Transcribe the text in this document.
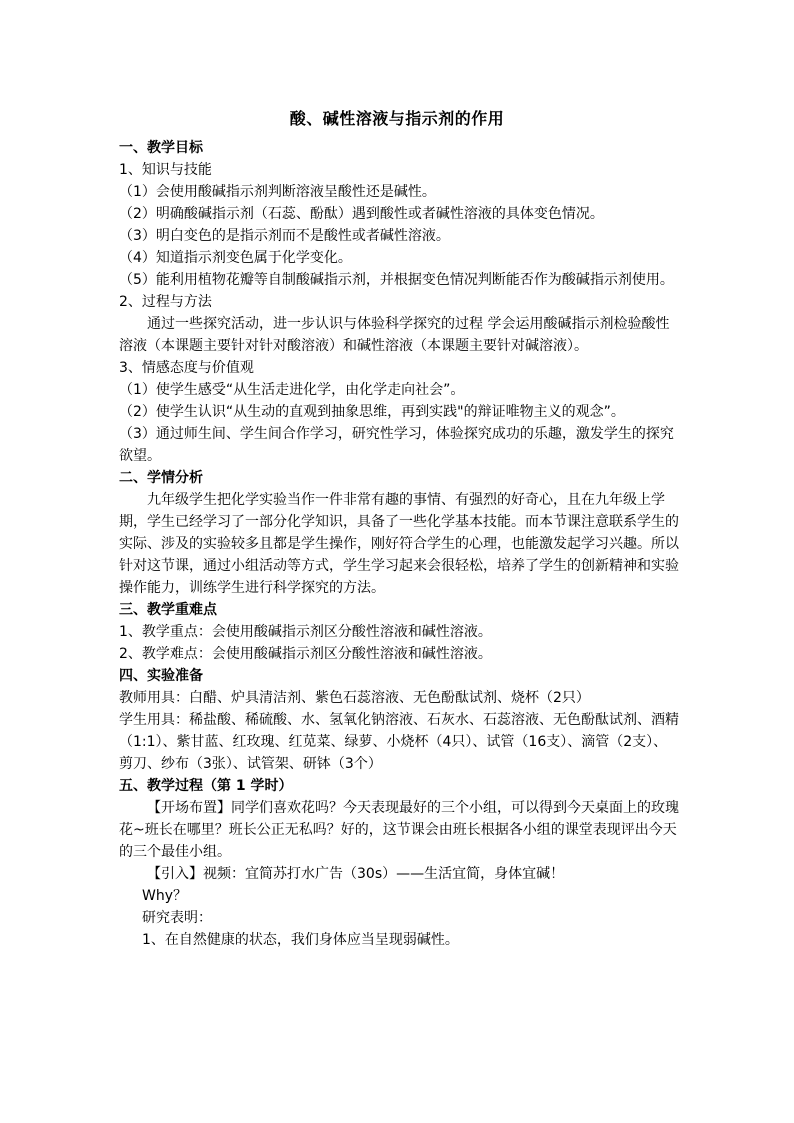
酸、碱性溶液与指示剂的作用

一、教学目标

1、知识与技能

（1）会使用酸碱指示剂判断溶液呈酸性还是碱性。

（2）明确酸碱指示剂（石蕊、酚酞）遇到酸性或者碱性溶液的具体变色情况。

（3）明白变色的是指示剂而不是酸性或者碱性溶液。

（4）知道指示剂变色属于化学变化。

（5）能利用植物花瓣等自制酸碱指示剂，并根据变色情况判断能否作为酸碱指示剂使用。

2、过程与方法

通过一些探究活动，进一步认识与体验科学探究的过程 学会运用酸碱指示剂检验酸性溶液（本课题主要针对针对酸溶液）和碱性溶液（本课题主要针对碱溶液）。

3、情感态度与价值观

（1）使学生感受“从生活走进化学，由化学走向社会”。

（2）使学生认识“从生动的直观到抽象思维，再到实践"的辩证唯物主义的观念”。

（3）通过师生间、学生间合作学习，研究性学习，体验探究成功的乐趣，激发学生的探究欲望。

二、学情分析

九年级学生把化学实验当作一件非常有趣的事情、有强烈的好奇心，且在九年级上学期，学生已经学习了一部分化学知识，具备了一些化学基本技能。而本节课注意联系学生的实际、涉及的实验较多且都是学生操作，刚好符合学生的心理，也能激发起学习兴趣。所以针对这节课，通过小组活动等方式，学生学习起来会很轻松，培养了学生的创新精神和实验操作能力，训练学生进行科学探究的方法。

三、教学重难点

1、教学重点：会使用酸碱指示剂区分酸性溶液和碱性溶液。

2、教学难点：会使用酸碱指示剂区分酸性溶液和碱性溶液。

四、实验准备

教师用具：白醋、炉具清洁剂、紫色石蕊溶液、无色酚酞试剂、烧杯（2只）

学生用具：稀盐酸、稀硫酸、水、氢氧化钠溶液、石灰水、石蕊溶液、无色酚酞试剂、酒精（1:1）、紫甘蓝、红玫瑰、红苋菜、绿萝、小烧杯（4只）、试管（16支）、滴管（2支）、剪刀、纱布（3张）、试管架、研钵（3个）

五、教学过程（第 1 学时）

【开场布置】同学们喜欢花吗？今天表现最好的三个小组，可以得到今天桌面上的玫瑰花~班长在哪里？班长公正无私吗？好的，这节课会由班长根据各小组的课堂表现评出今天的三个最佳小组。

【引入】视频：宜简苏打水广告（30s）——生活宜简，身体宜碱！

Why？

研究表明：

1、在自然健康的状态，我们身体应当呈现弱碱性。
